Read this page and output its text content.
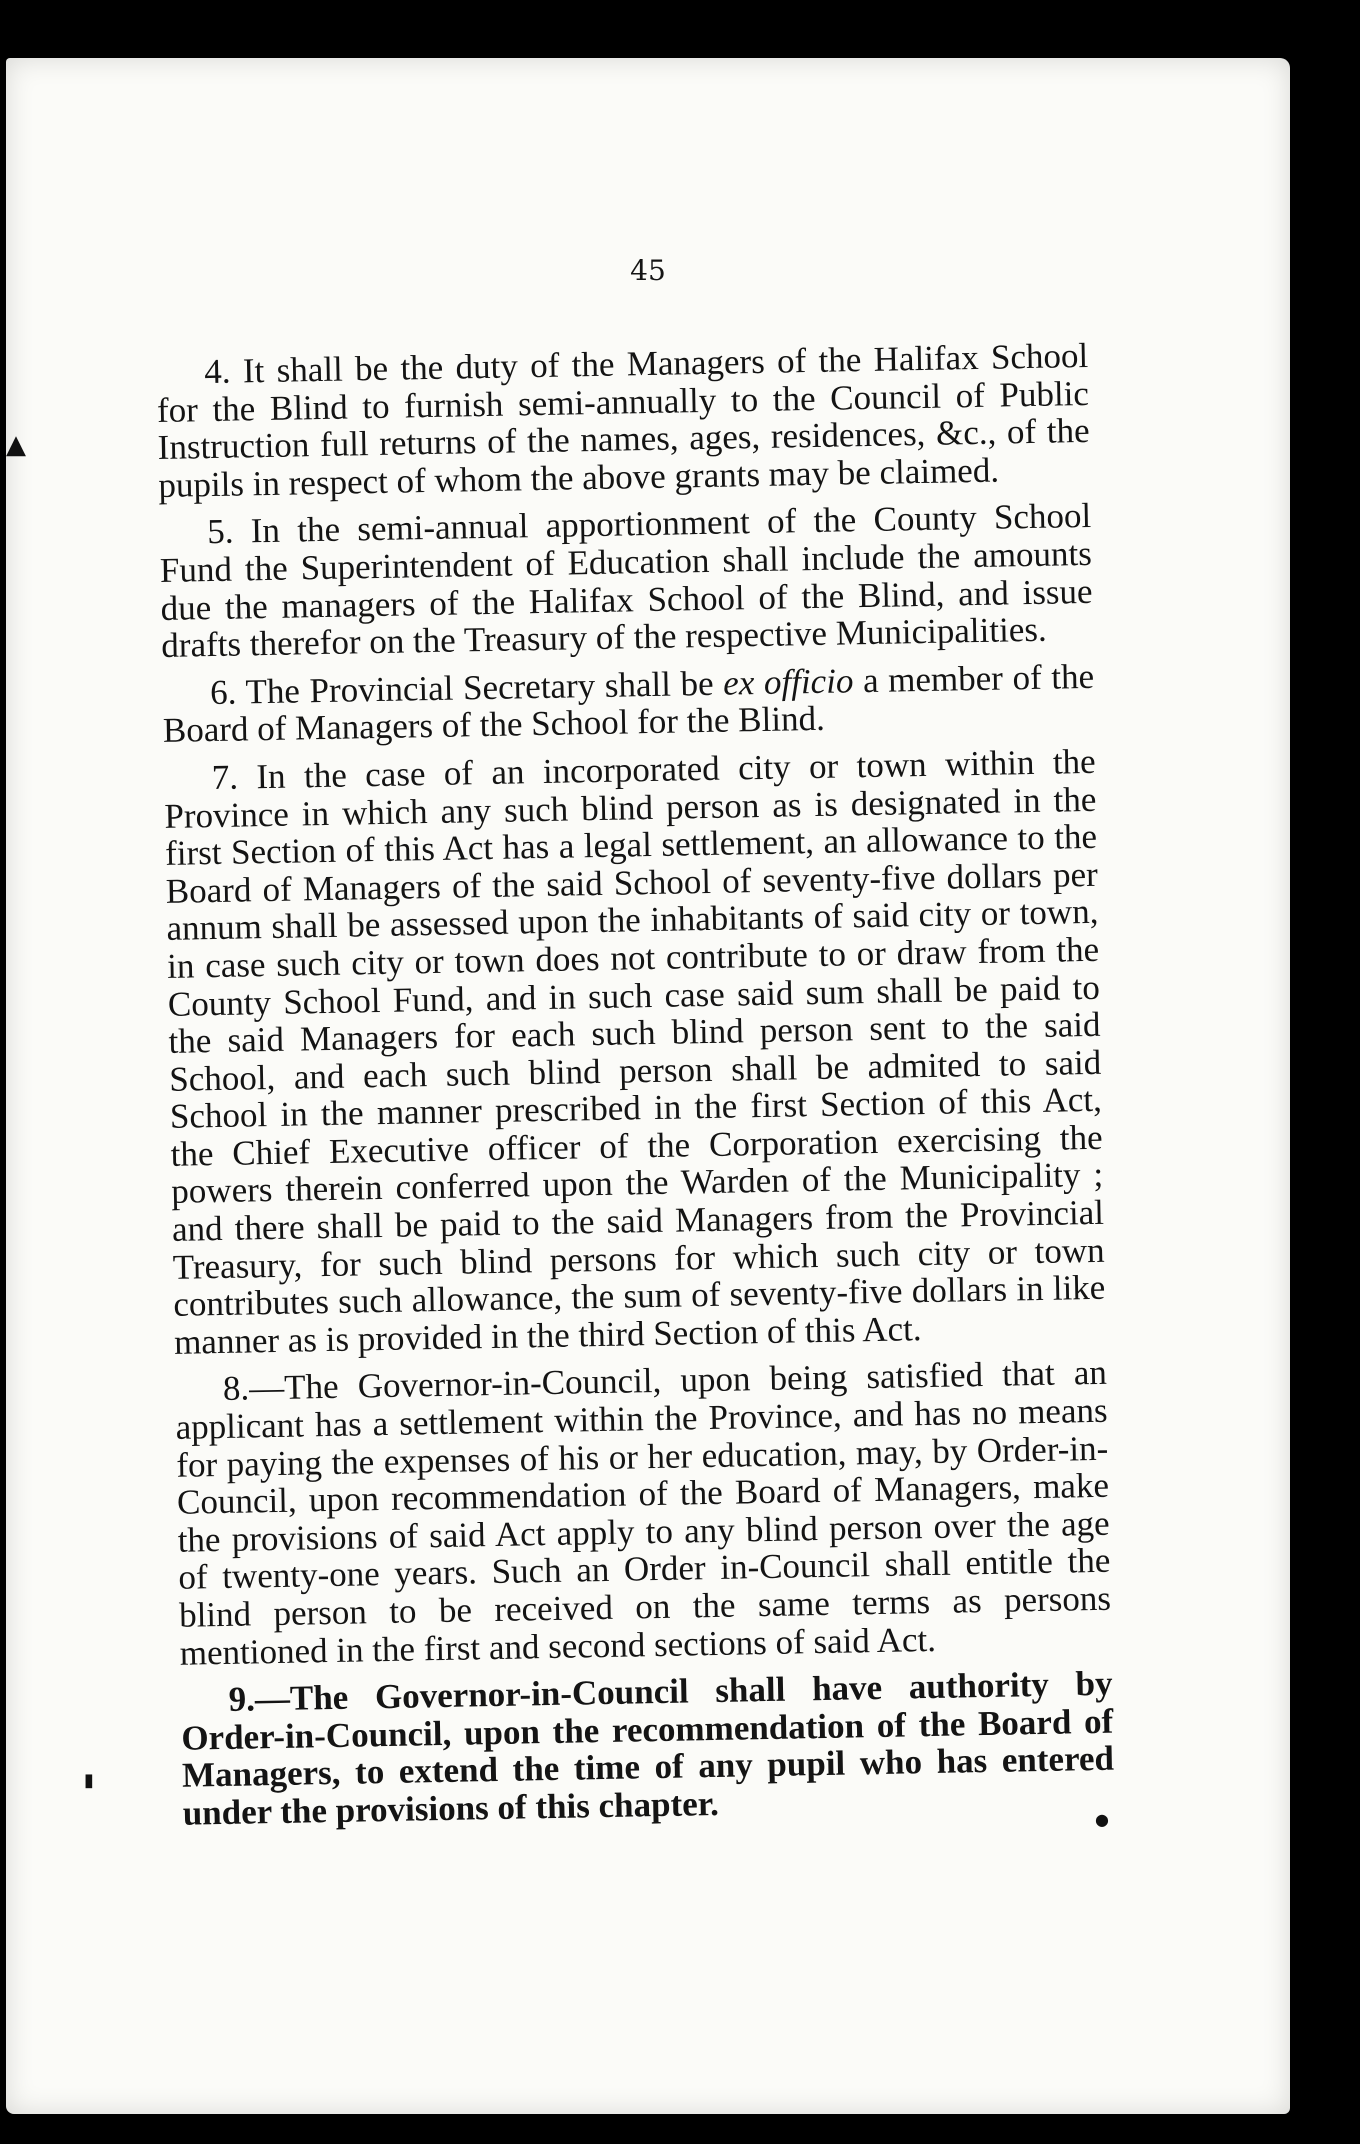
▲
▮
●
45

4. It shall be the duty of the Managers of the Halifax School for the Blind to furnish semi-annually to the Council of Public Instruction full returns of the names, ages, residences, &c., of the pupils in respect of whom the above grants may be claimed.

5. In the semi-annual apportionment of the County School Fund the Superintendent of Education shall include the amounts due the managers of the Halifax School of the Blind, and issue drafts therefor on the Treasury of the respective Municipalities.

6. The Provincial Secretary shall be ex officio a member of the Board of Managers of the School for the Blind.

7. In the case of an incorporated city or town within the Province in which any such blind person as is designated in the first Section of this Act has a legal settlement, an allowance to the Board of Managers of the said School of seventy-five dollars per annum shall be assessed upon the inhabitants of said city or town, in case such city or town does not contribute to or draw from the County School Fund, and in such case said sum shall be paid to the said Managers for each such blind person sent to the said School, and each such blind person shall be admited to said School in the manner prescribed in the first Section of this Act, the Chief Executive officer of the Corporation exercising the powers therein conferred upon the Warden of the Municipality ; and there shall be paid to the said Managers from the Provincial Treasury, for such blind persons for which such city or town contributes such allowance, the sum of seventy-five dollars in like manner as is provided in the third Section of this Act.

8.—The Governor-in-Council, upon being satisfied that an applicant has a settlement within the Province, and has no means for paying the expenses of his or her education, may, by Order-in-Council, upon recommendation of the Board of Managers, make the provisions of said Act apply to any blind person over the age of twenty-one years. Such an Order in-Council shall entitle the blind person to be received on the same terms as persons mentioned in the first and second sections of said Act.

9.—The Governor-in-Council shall have authority by Order-in-Council, upon the recommendation of the Board of Managers, to extend the time of any pupil who has entered under the provisions of this chapter.
